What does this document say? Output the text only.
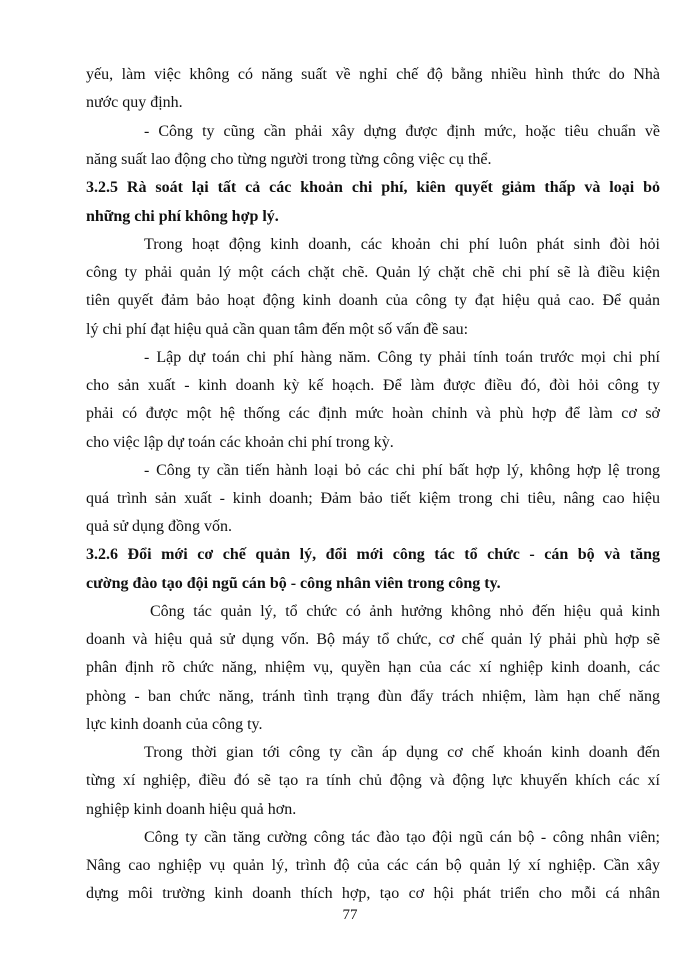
yếu, làm việc không có năng suất về nghỉ chế độ bằng nhiều hình thức do Nhà
nước quy định.
- Công ty cũng cần phải xây dựng được định mức, hoặc tiêu chuẩn về
năng suất lao động cho từng người trong từng công việc cụ thể.
3.2.5 Rà soát lại tất cả các khoản chi phí, kiên quyết giảm thấp và loại bỏ
những chi phí không hợp lý.
Trong hoạt động kinh doanh, các khoản chi phí luôn phát sinh đòi hỏi
công ty phải quản lý một cách chặt chẽ. Quản lý chặt chẽ chi phí sẽ là điều kiện
tiên quyết đảm bảo hoạt động kinh doanh của công ty đạt hiệu quả cao. Để quản
lý chi phí đạt hiệu quả cần quan tâm đến một số vấn đề sau:
- Lập dự toán chi phí hàng năm. Công ty phải tính toán trước mọi chi phí
cho sản xuất - kinh doanh kỳ kế hoạch. Để làm được điều đó, đòi hỏi công ty
phải có được một hệ thống các định mức hoàn chỉnh và phù hợp để làm cơ sở
cho việc lập dự toán các khoản chi phí trong kỳ.
- Công ty cần tiến hành loại bỏ các chi phí bất hợp lý, không hợp lệ trong
quá trình sản xuất - kinh doanh; Đảm bảo tiết kiệm trong chi tiêu, nâng cao hiệu
quả sử dụng đồng vốn.
3.2.6 Đổi mới cơ chế quản lý, đổi mới công tác tổ chức - cán bộ và tăng
cường đào tạo đội ngũ cán bộ - công nhân viên trong công ty.
Công tác quản lý, tổ chức có ảnh hưởng không nhỏ đến hiệu quả kinh
doanh và hiệu quả sử dụng vốn. Bộ máy tổ chức, cơ chế quản lý phải phù hợp sẽ
phân định rõ chức năng, nhiệm vụ, quyền hạn của các xí nghiệp kinh doanh, các
phòng - ban chức năng, tránh tình trạng đùn đẩy trách nhiệm, làm hạn chế năng
lực kinh doanh của công ty.
Trong thời gian tới công ty cần áp dụng cơ chế khoán kinh doanh đến
từng xí nghiệp, điều đó sẽ tạo ra tính chủ động và động lực khuyến khích các xí
nghiệp kinh doanh hiệu quả hơn.
Công ty cần tăng cường công tác đào tạo đội ngũ cán bộ - công nhân viên;
Nâng cao nghiệp vụ quản lý, trình độ của các cán bộ quản lý xí nghiệp. Cần xây
dựng môi trường kinh doanh thích hợp, tạo cơ hội phát triển cho mỗi cá nhân
77
